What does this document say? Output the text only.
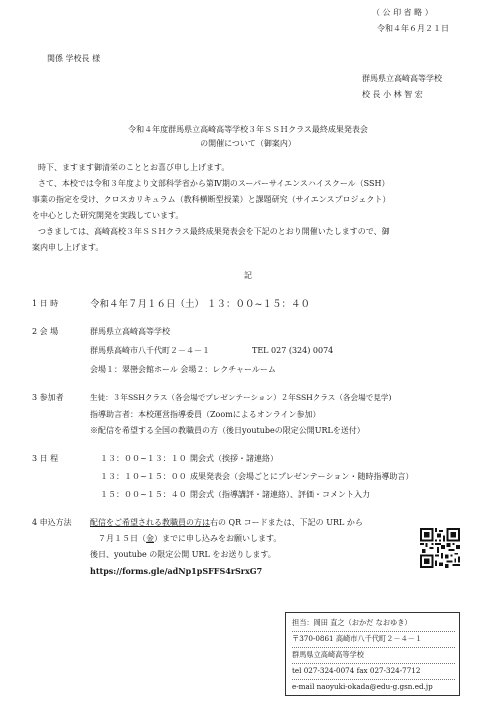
（ 公 印 省 略 ）
令和４年６月２１日
関係 学校長 様
群馬県立高崎高等学校
校 長 小 林 智 宏
令和４年度群馬県立高崎高等学校３年ＳＳＨクラス最終成果発表会
の開催について（御案内）
時下、ますます御清栄のこととお喜び申し上げます。
さて、本校では令和３年度より文部科学省から第Ⅳ期のスーパーサイエンスハイスクール（SSH）
事業の指定を受け、クロスカリキュラム（教科横断型授業）と課題研究（サイエンスプロジェクト）
を中心とした研究開発を実践しています。
つきましては、高崎高校３年ＳＳＨクラス最終成果発表会を下記のとおり開催いたしますので、御
案内申し上げます。
記
1 日 時	令和４年７月１６日（土） １３：００~１５：４０
2 会 場	群馬県立高崎高等学校
群馬県高崎市八千代町２－４－１	TEL 027 (324) 0074
会場１：翠巒会館ホール 会場２：レクチャールーム
3 参加者	生徒：３年SSHクラス（各会場でプレゼンテーション）２年SSHクラス（各会場で見学)
指導助言者：本校運営指導委員（Zoomによるオンライン参加）
※配信を希望する全国の教職員の方（後日youtubeの限定公開URLを送付）
3 日 程	１３：００~１３：１０ 開会式（挨拶・諸連絡）
１３：１０~１５：００ 成果発表会（会場ごとにプレゼンテーション・随時指導助言）
１５：００~１５：４０ 閉会式（指導講評・諸連絡）、評価・コメント入力
4 申込方法 配信をご希望される教職員の方は右の QR コードまたは、下記の URL から
７月１５日（金）までに申し込みをお願いします。
後日、youtube の限定公開 URL をお送りします。
https://forms.gle/adNp1pSFFS4rSrxG7
担当：岡田 直之（おかだ なおゆき）
〒370-0861 高崎市八千代町２－４－１
群馬県立高崎高等学校
tel 027-324-0074 fax 027-324-7712
e-mail naoyuki-okada@edu-g.gsn.ed.jp
